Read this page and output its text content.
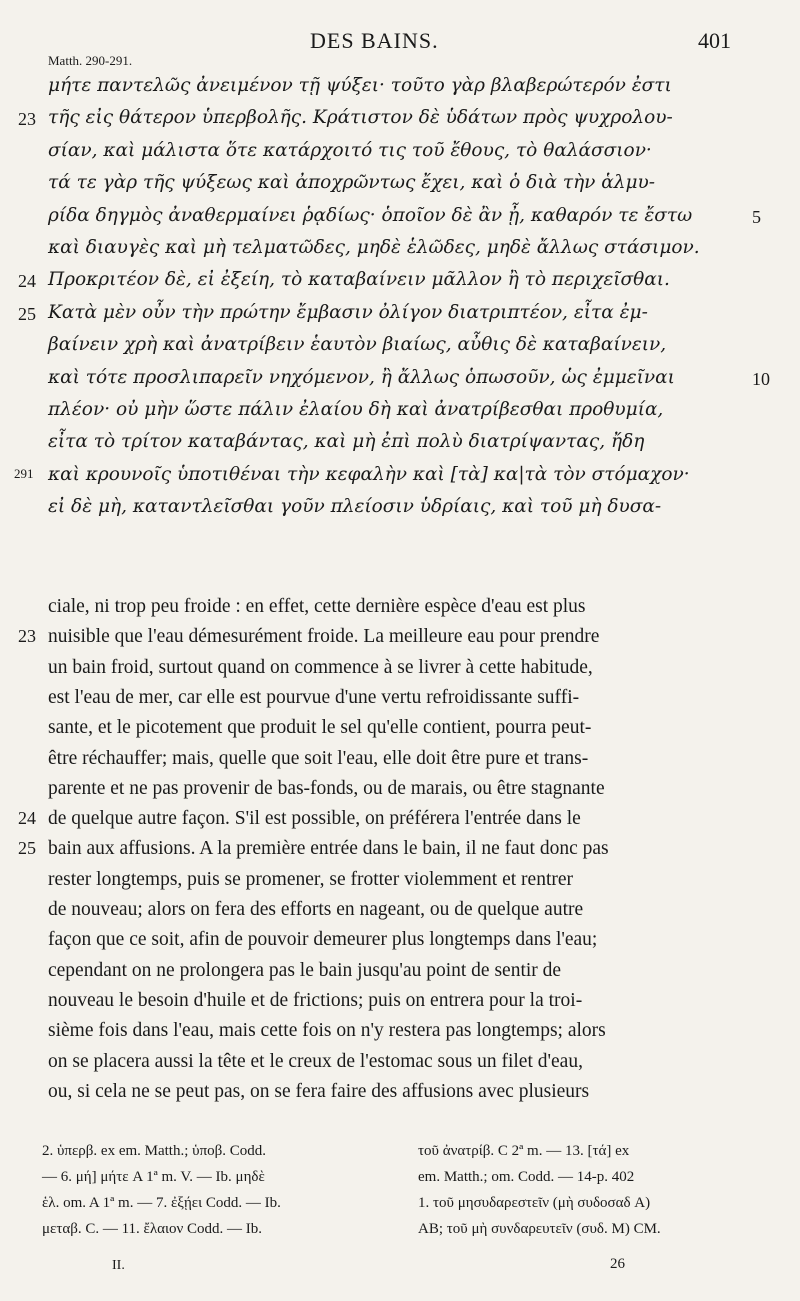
DES BAINS.	401
Matth. 290-291.
μήτε παντελῶς ἀνειμένον τῇ ψύξει· τοῦτο γὰρ βλαβερώτερόν ἐστι
τῆς εἰς θάτερον ὑπερβολῆς. Κράτιστον δὲ ὑδάτων πρὸς ψυχρολου-
23
σίαν, καὶ μάλιστα ὅτε κατάρχοιτό τις τοῦ ἔθους, τὸ θαλάσσιον·
τά τε γὰρ τῆς ψύξεως καὶ ἀποχρῶντως ἔχει, καὶ ὁ διὰ τὴν ἁλμυ-
ρίδα δηγμὸς ἀναθερμαίνει ῥᾳδίως· ὁποῖον δὲ ἂν ᾖ, καθαρόν τε ἔστω	5
καὶ διαυγὲς καὶ μὴ τελματῶδες, μηδὲ ἑλῶδες, μηδὲ ἄλλως στάσιμον.
Προκριτέον δὲ, εἰ ἐξείη, τὸ καταβαίνειν μᾶλλον ἢ τὸ περιχεῖσθαι.
24
Κατὰ μὲν οὖν τὴν πρώτην ἔμβασιν ὀλίγον διατριπτέον, εἶτα ἐμ-
25
βαίνειν χρὴ καὶ ἀνατρίβειν ἑαυτὸν βιαίως, αὖθις δὲ καταβαίνειν,
καὶ τότε προσλιπαρεῖν νηχόμενον, ἢ ἄλλως ὁπωσοῦν, ὡς ἐμμεῖναι	10
πλέον· οὐ μὴν ὥστε πάλιν ἐλαίου δὴ καὶ ἀνατρίβεσθαι προθυμία,
εἶτα τὸ τρίτον καταβάντας, καὶ μὴ ἐπὶ πολὺ διατρίψαντας, ἤδη
καὶ κρουνοῖς ὑποτιθέναι τὴν κεφαλὴν καὶ [τὰ] κα|τὰ τὸν στόμαχον·
291
εἰ δὲ μὴ, καταντλεῖσθαι γοῦν πλείοσιν ὑδρίαις, καὶ τοῦ μὴ δυσα-
ciale, ni trop peu froide : en effet, cette dernière espèce d'eau est plus
nuisible que l'eau démesurément froide. La meilleure eau pour prendre
23
un bain froid, surtout quand on commence à se livrer à cette habitude,
est l'eau de mer, car elle est pourvue d'une vertu refroidissante suffi-
sante, et le picotement que produit le sel qu'elle contient, pourra peut-
être réchauffer; mais, quelle que soit l'eau, elle doit être pure et trans-
parente et ne pas provenir de bas-fonds, ou de marais, ou être stagnante
de quelque autre façon. S'il est possible, on préférera l'entrée dans le
24
bain aux affusions. A la première entrée dans le bain, il ne faut donc pas
25
rester longtemps, puis se promener, se frotter violemment et rentrer
de nouveau; alors on fera des efforts en nageant, ou de quelque autre
façon que ce soit, afin de pouvoir demeurer plus longtemps dans l'eau;
cependant on ne prolongera pas le bain jusqu'au point de sentir de
nouveau le besoin d'huile et de frictions; puis on entrera pour la troi-
sième fois dans l'eau, mais cette fois on n'y restera pas longtemps; alors
on se placera aussi la tête et le creux de l'estomac sous un filet d'eau,
ou, si cela ne se peut pas, on se fera faire des affusions avec plusieurs
2. ὑπερβ. ex em. Matth.; ὑποβ. Codd.
— 6. μή] μήτε A 1ª m. V. — Ib. μηδὲ
ἑλ. om. A 1ª m. — 7. ἐξῄει Codd. — Ib.
μεταβ. C. — 11. ἔλαιον Codd. — Ib.
τοῦ ἀνατρίβ. C 2ª m. — 13. [τά] ex
em. Matth.; om. Codd. — 14-p. 402
1. τοῦ μησυδαρεστεῖν (μὴ συδοσαδ A)
AB; τοῦ μὴ συνδαρευτεῖν (συδ. M) CM.
II.	26
